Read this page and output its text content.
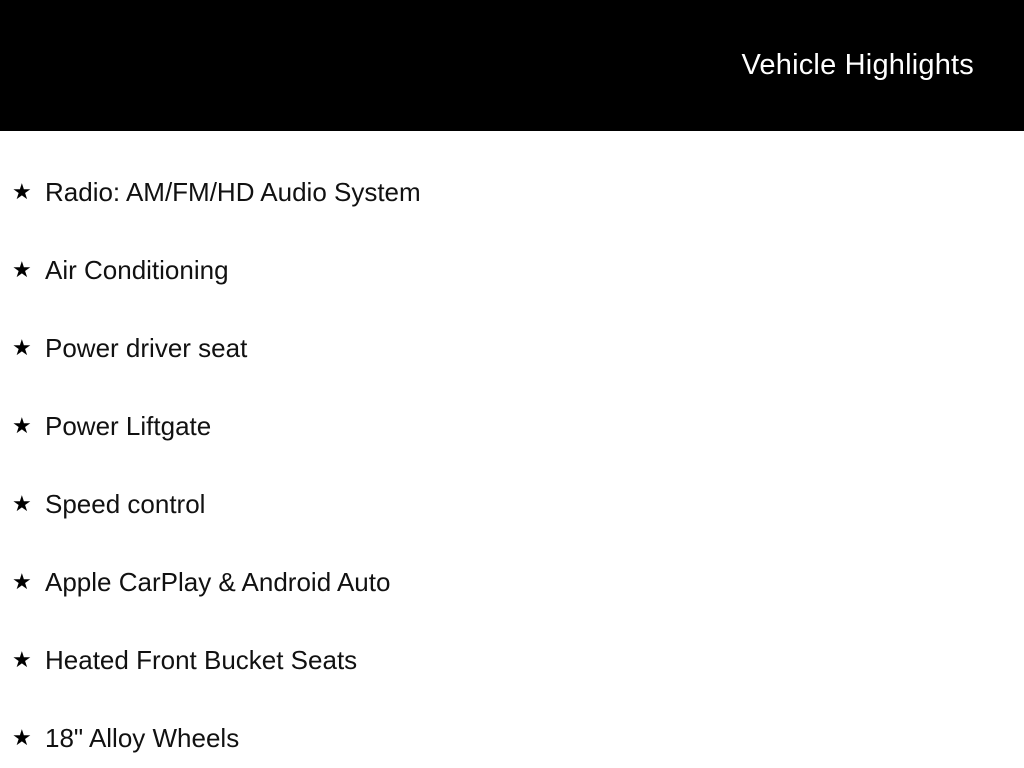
Vehicle Highlights
★ Radio: AM/FM/HD Audio System
★ Air Conditioning
★ Power driver seat
★ Power Liftgate
★ Speed control
★ Apple CarPlay & Android Auto
★ Heated Front Bucket Seats
★ 18" Alloy Wheels
